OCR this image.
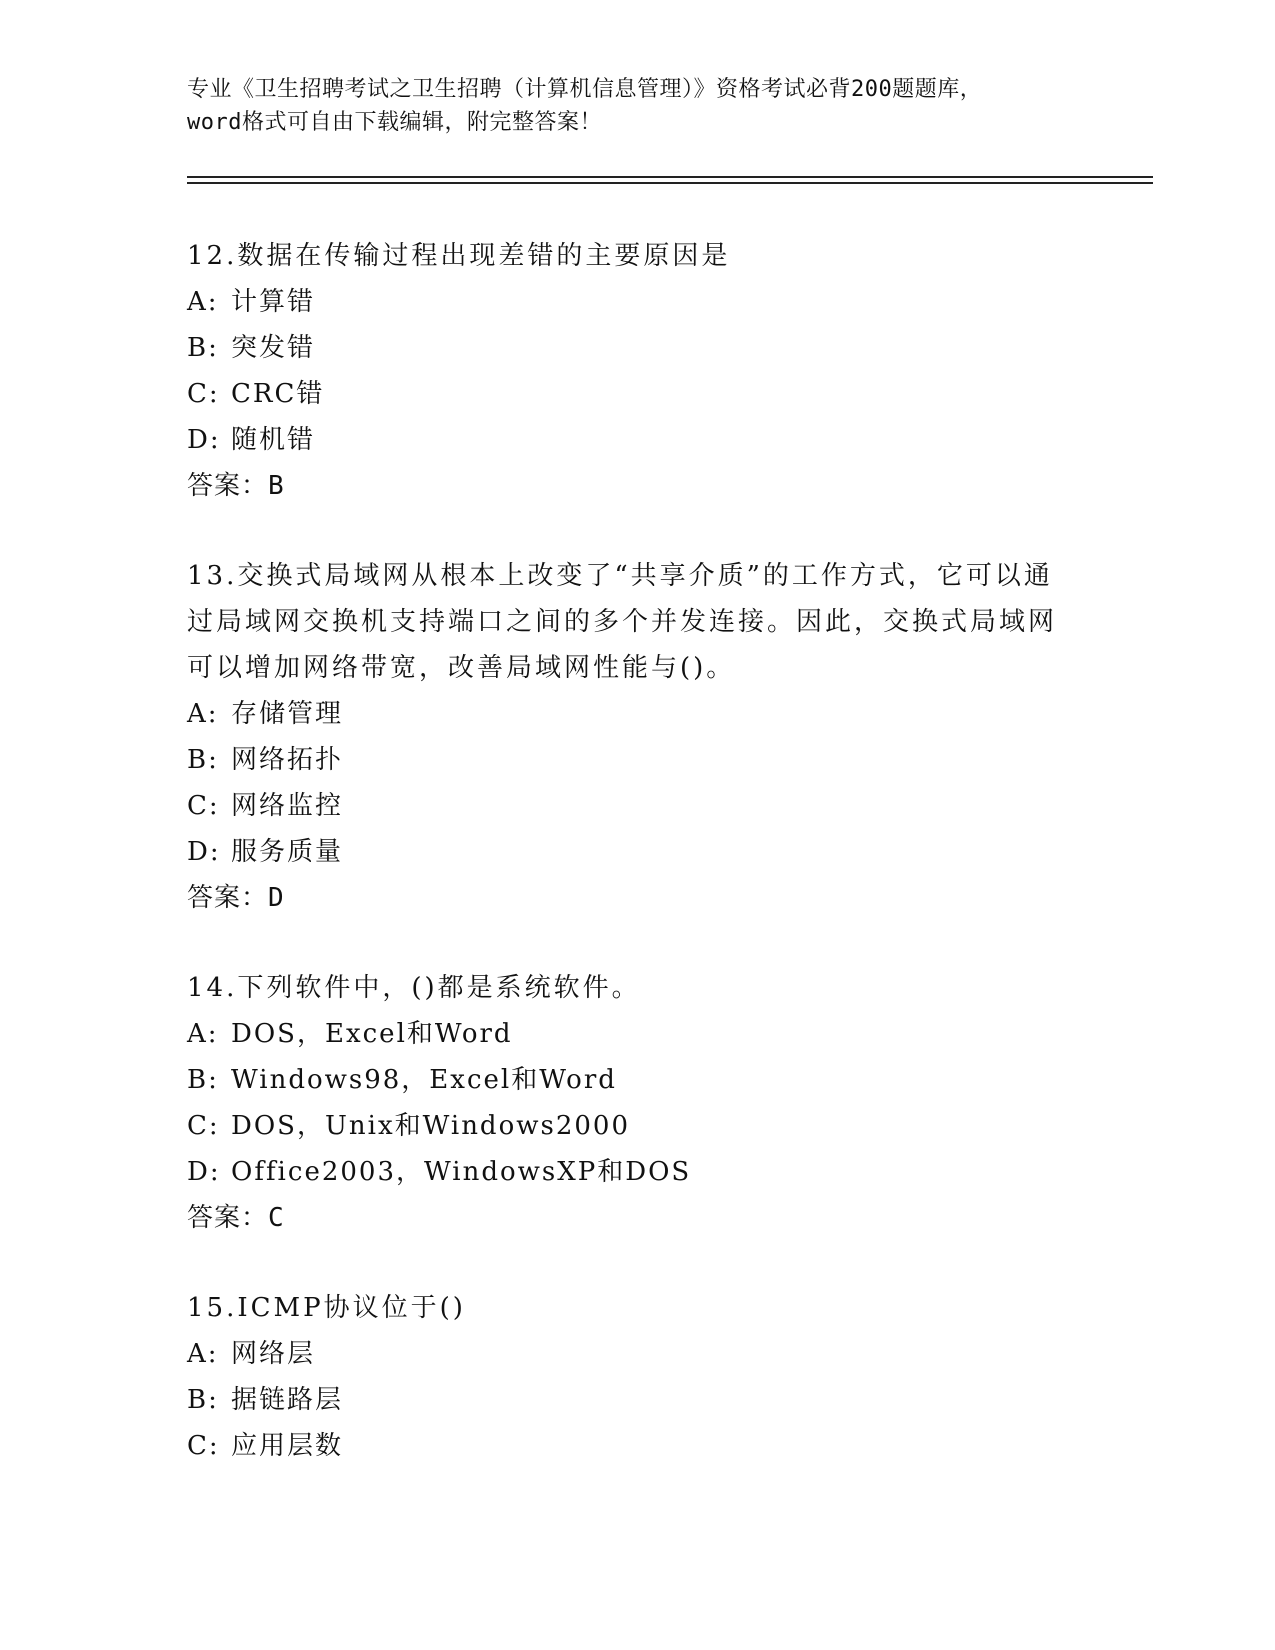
专业《卫生招聘考试之卫生招聘（计算机信息管理）》资格考试必背200题题库，
word格式可自由下载编辑，附完整答案！
12.数据在传输过程出现差错的主要原因是
A: 计算错
B: 突发错
C: CRC错
D: 随机错
答案：B
13.交换式局域网从根本上改变了“共享介质”的工作方式，它可以通
过局域网交换机支持端口之间的多个并发连接。因此，交换式局域网
可以增加网络带宽，改善局域网性能与()。
A: 存储管理
B: 网络拓扑
C: 网络监控
D: 服务质量
答案：D
14.下列软件中，()都是系统软件。
A: DOS，Excel和Word
B: Windows98，Excel和Word
C: DOS，Unix和Windows2000
D: Office2003，WindowsXP和DOS
答案：C
15.ICMP协议位于()
A: 网络层
B: 据链路层
C: 应用层数
